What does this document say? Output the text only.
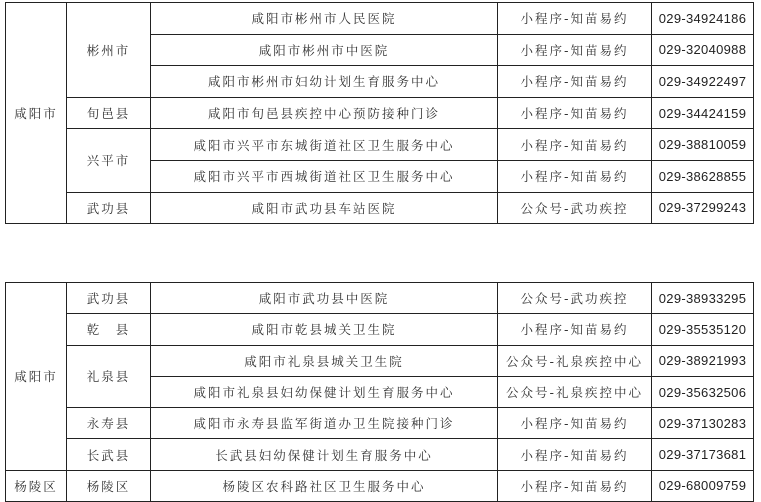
咸阳市	彬州市	咸阳市彬州市人民医院	小程序-知苗易约	029-34924186
		咸阳市彬州市中医院	小程序-知苗易约	029-32040988
		咸阳市彬州市妇幼计划生育服务中心	小程序-知苗易约	029-34922497
	旬邑县	咸阳市旬邑县疾控中心预防接种门诊	小程序-知苗易约	029-34424159
	兴平市	咸阳市兴平市东城街道社区卫生服务中心	小程序-知苗易约	029-38810059
		咸阳市兴平市西城街道社区卫生服务中心	小程序-知苗易约	029-38628855
	武功县	咸阳市武功县车站医院	公众号-武功疾控	029-37299243
咸阳市	武功县	咸阳市武功县中医院	公众号-武功疾控	029-38933295
	乾　县	咸阳市乾县城关卫生院	小程序-知苗易约	029-35535120
	礼泉县	咸阳市礼泉县城关卫生院	公众号-礼泉疾控中心	029-38921993
		咸阳市礼泉县妇幼保健计划生育服务中心	公众号-礼泉疾控中心	029-35632506
	永寿县	咸阳市永寿县监军街道办卫生院接种门诊	小程序-知苗易约	029-37130283
	长武县	长武县妇幼保健计划生育服务中心	小程序-知苗易约	029-37173681
杨陵区	杨陵区	杨陵区农科路社区卫生服务中心	小程序-知苗易约	029-68009759
